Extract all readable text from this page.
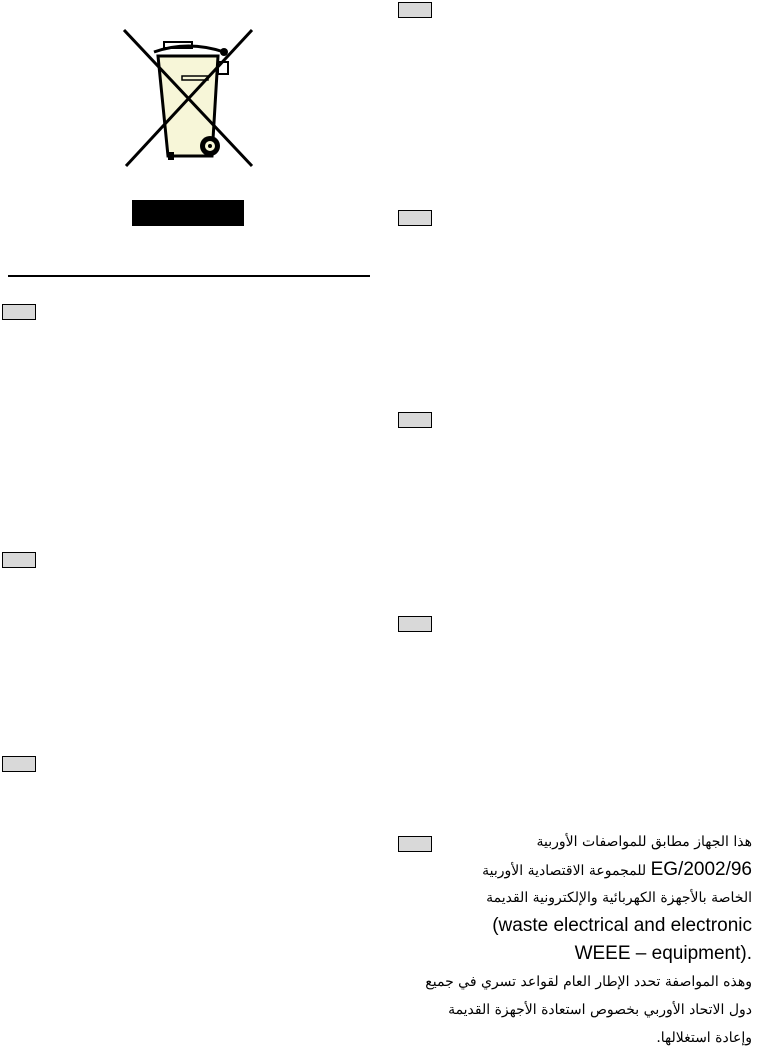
هذا الجهاز مطابق للمواصفات الأوربية
2002/96/EG للمجموعة الاقتصادية الأوربية
الخاصة بالأجهزة الكهربائية والإلكترونية القديمة
waste electrical and electronic)
.(WEEE – equipment
وهذه المواصفة تحدد الإطار العام لقواعد تسري في جميع
دول الاتحاد الأوربي بخصوص استعادة الأجهزة القديمة
وإعادة استغلالها.
